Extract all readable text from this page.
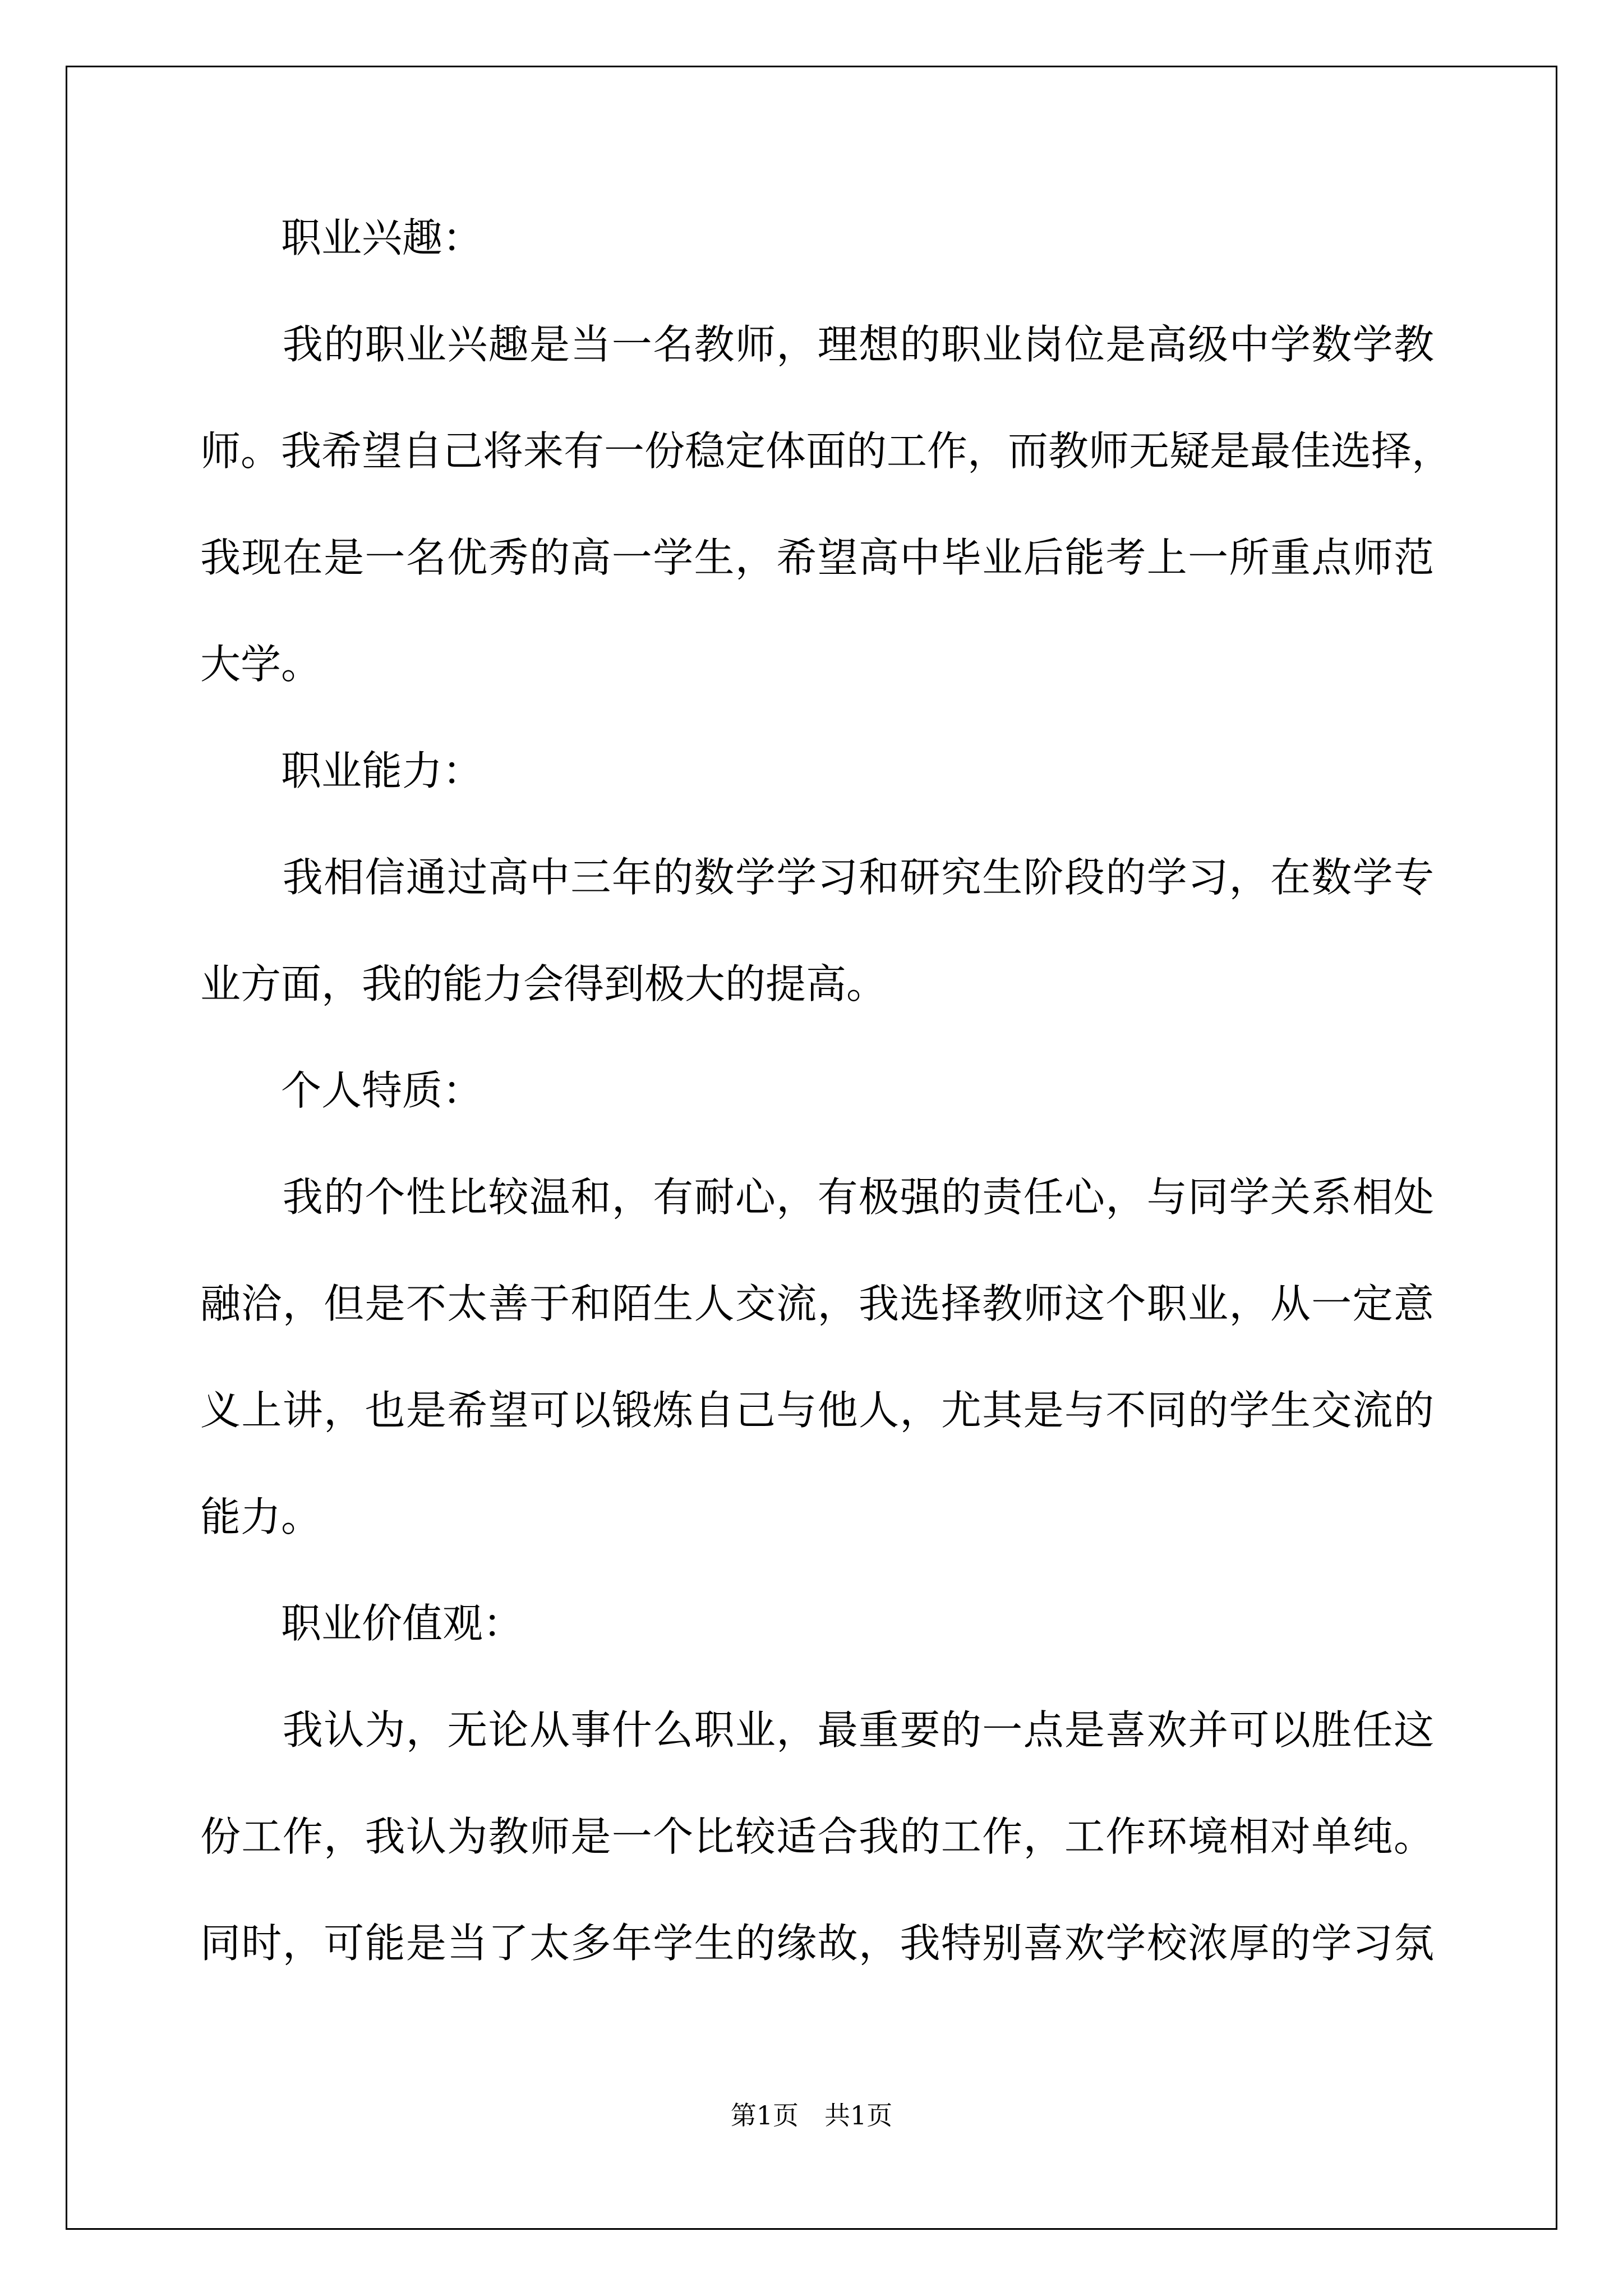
　　职业兴趣：
　　我的职业兴趣是当一名教师，理想的职业岗位是高级中学数学教
师。我希望自己将来有一份稳定体面的工作，而教师无疑是最佳选择，
我现在是一名优秀的高一学生，希望高中毕业后能考上一所重点师范
大学。
　　职业能力：
　　我相信通过高中三年的数学学习和研究生阶段的学习，在数学专
业方面，我的能力会得到极大的提高。
　　个人特质：
　　我的个性比较温和，有耐心，有极强的责任心，与同学关系相处
融洽，但是不太善于和陌生人交流，我选择教师这个职业，从一定意
义上讲，也是希望可以锻炼自己与他人，尤其是与不同的学生交流的
能力。
　　职业价值观：
　　我认为，无论从事什么职业，最重要的一点是喜欢并可以胜任这
份工作，我认为教师是一个比较适合我的工作，工作环境相对单纯。
同时，可能是当了太多年学生的缘故，我特别喜欢学校浓厚的学习氛
第1页　共1页
